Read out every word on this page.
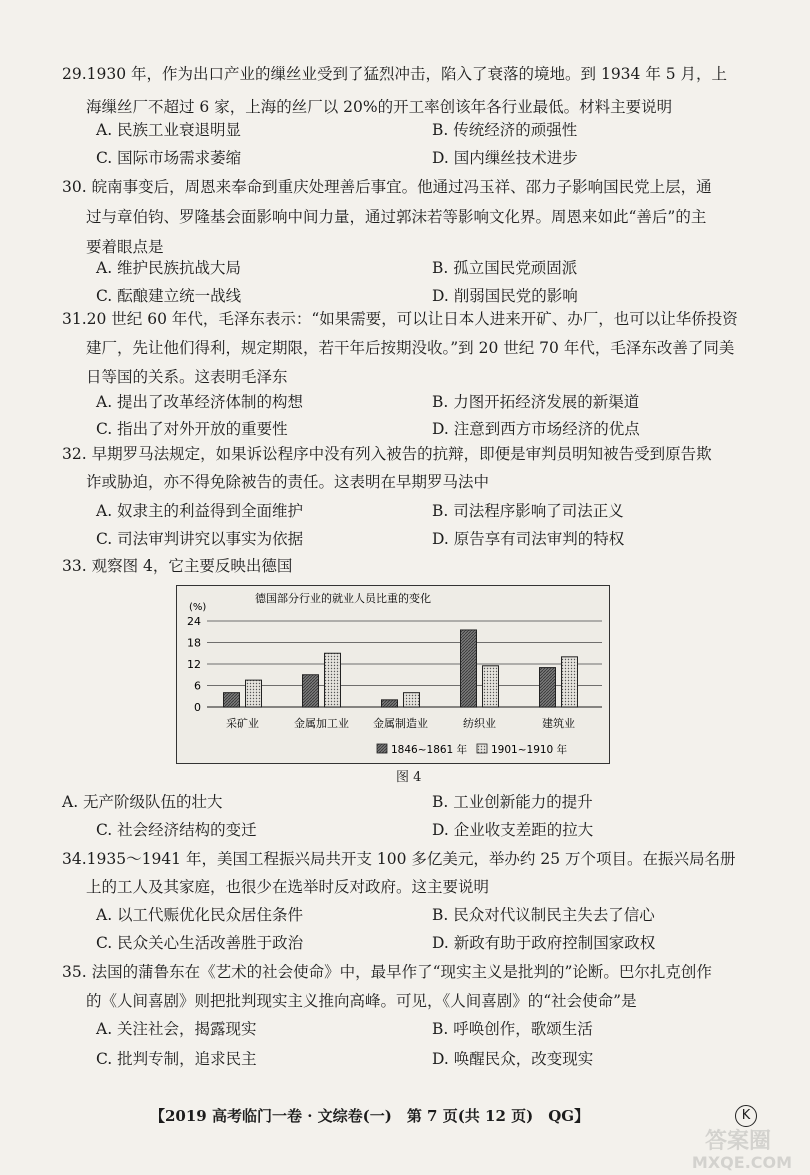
29.1930 年，作为出口产业的缫丝业受到了猛烈冲击，陷入了衰落的境地。到 1934 年 5 月，上
海缫丝厂不超过 6 家，上海的丝厂以 20%的开工率创该年各行业最低。材料主要说明
A. 民族工业衰退明显	B. 传统经济的顽强性
C. 国际市场需求萎缩	D. 国内缫丝技术进步
30. 皖南事变后，周恩来奉命到重庆处理善后事宜。他通过冯玉祥、邵力子影响国民党上层，通
过与章伯钧、罗隆基会面影响中间力量，通过郭沫若等影响文化界。周恩来如此“善后”的主
要着眼点是
A. 维护民族抗战大局	B. 孤立国民党顽固派
C. 酝酿建立统一战线	D. 削弱国民党的影响
31.20 世纪 60 年代，毛泽东表示：“如果需要，可以让日本人进来开矿、办厂，也可以让华侨投资
建厂，先让他们得利，规定期限，若干年后按期没收。”到 20 世纪 70 年代，毛泽东改善了同美
日等国的关系。这表明毛泽东
A. 提出了改革经济体制的构想	B. 力图开拓经济发展的新渠道
C. 指出了对外开放的重要性	D. 注意到西方市场经济的优点
32. 早期罗马法规定，如果诉讼程序中没有列入被告的抗辩，即便是审判员明知被告受到原告欺
诈或胁迫，亦不得免除被告的责任。这表明在早期罗马法中
A. 奴隶主的利益得到全面维护	B. 司法程序影响了司法正义
C. 司法审判讲究以事实为依据	D. 原告享有司法审判的特权
33. 观察图 4，它主要反映出德国
德国部分行业的就业人员比重的变化
(%)
0
6
12
18
24
采矿业	金属加工业 金属制造业	纺织业	建筑业
1846~1861 年 1901~1910 年
图 4
A. 无产阶级队伍的壮大	B. 工业创新能力的提升
C. 社会经济结构的变迁	D. 企业收支差距的拉大
34.1935～1941 年，美国工程振兴局共开支 100 多亿美元，举办约 25 万个项目。在振兴局名册
上的工人及其家庭，也很少在选举时反对政府。这主要说明
A. 以工代赈优化民众居住条件	B. 民众对代议制民主失去了信心
C. 民众关心生活改善胜于政治	D. 新政有助于政府控制国家政权
35. 法国的蒲鲁东在《艺术的社会使命》中，最早作了“现实主义是批判的”论断。巴尔扎克创作
的《人间喜剧》则把批判现实主义推向高峰。可见，《人间喜剧》的“社会使命”是
A. 关注社会，揭露现实	B. 呼唤创作，歌颂生活
C. 批判专制，追求民主	D. 唤醒民众，改变现实
【2019 高考临门一卷 · 文综卷(一)　第 7 页(共 12 页)　QG】	K
答案圈
MXQE.COM
